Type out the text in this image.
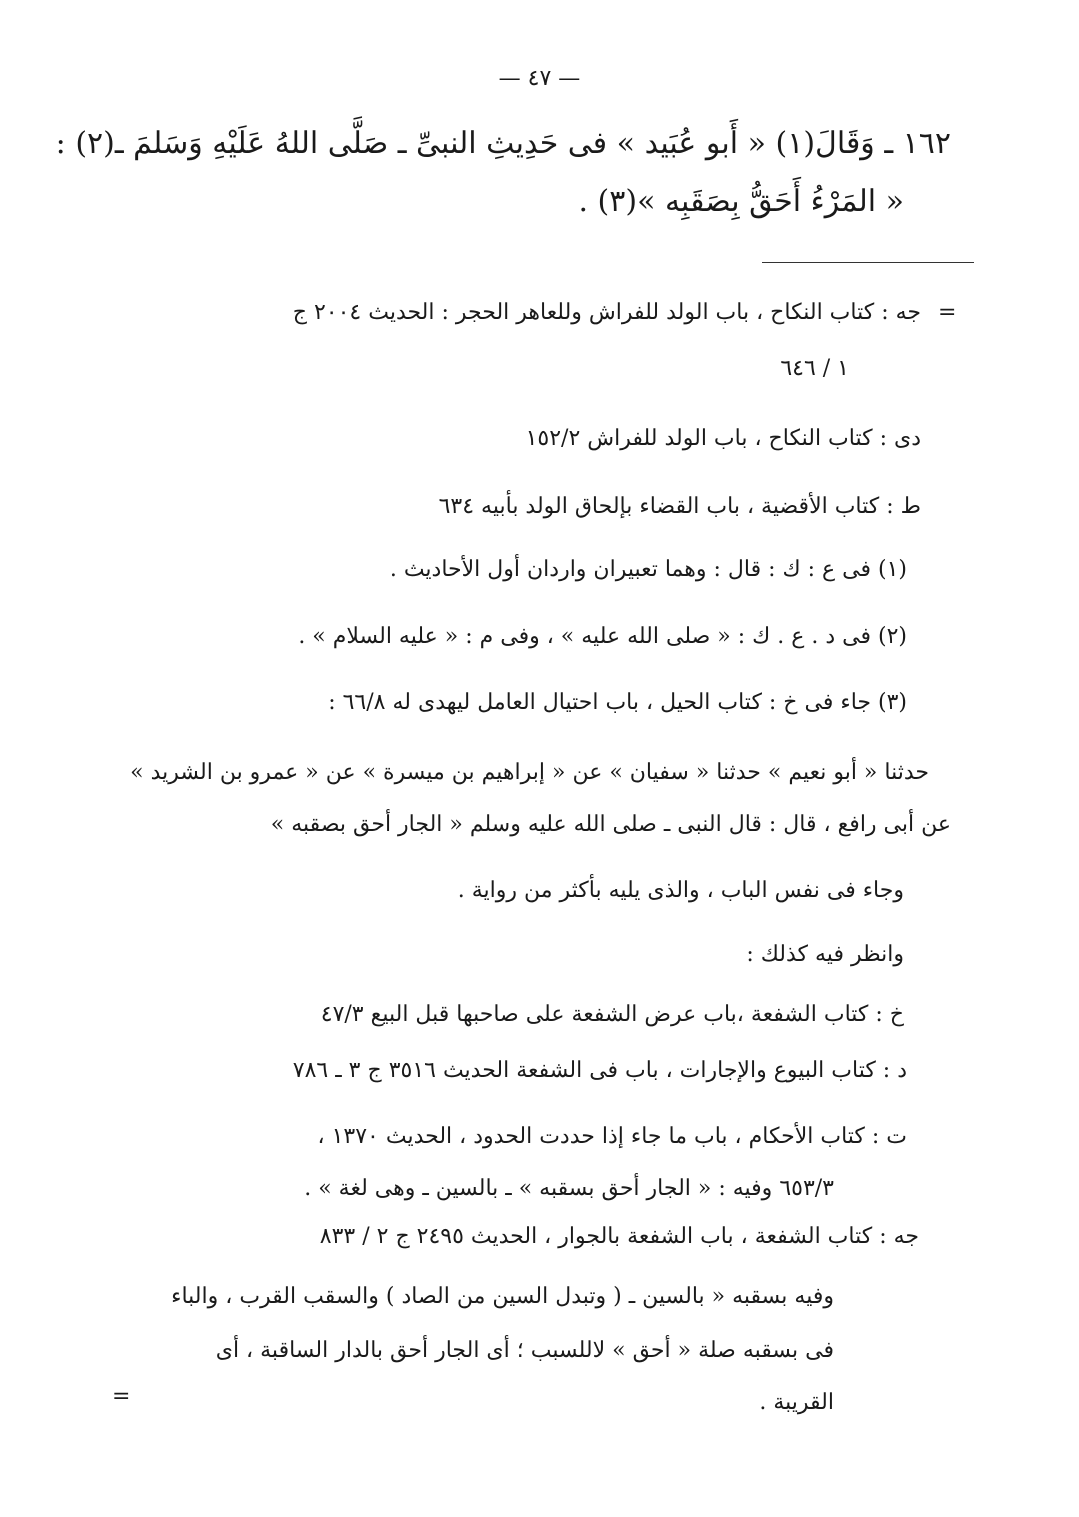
— ٤٧ —
١٦٢ ـ وَقَالَ(١) « أَبو عُبَيد » فى حَدِيثِ النبىِّ ـ صَلَّى اللهُ عَلَيْهِ وَسَلمَ ـ(٢) :
« المَرْءُ أَحَقُّ بِصَقَبِه »(٣) .
=
جه : كتاب النكاح ، باب الولد للفراش وللعاهر الحجر : الحديث ٢٠٠٤ ج
١ / ٦٤٦
دى : كتاب النكاح ، باب الولد للفراش ١٥٢/٢
ط : كتاب الأقضية ، باب القضاء بإلحاق الولد بأبيه ٦٣٤
(١) فى ع : ك : قال : وهما تعبيران واردان أول الأحاديث .
(٢) فى د . ع . ك : « صلى الله عليه » ، وفى م : « عليه السلام » .
(٣) جاء فى خ : كتاب الحيل ، باب احتيال العامل ليهدى له ٦٦/٨ :
حدثنا « أبو نعيم » حدثنا « سفيان » عن « إبراهيم بن ميسرة » عن « عمرو بن الشريد »
عن أبى رافع ، قال : قال النبى ـ صلى الله عليه وسلم « الجار أحق بصقبه »
وجاء فى نفس الباب ، والذى يليه بأكثر من رواية .
وانظر فيه كذلك :
خ : كتاب الشفعة ،باب عرض الشفعة على صاحبها قبل البيع ٤٧/٣
د : كتاب البيوع والإجارات ، باب فى الشفعة الحديث ٣٥١٦ ج ٣ ـ ٧٨٦
ت : كتاب الأحكام ، باب ما جاء إذا حددت الحدود ، الحديث ١٣٧٠ ،
٦٥٣/٣ وفيه : « الجار أحق بسقبه » ـ بالسين ـ وهى لغة » .
جه : كتاب الشفعة ، باب الشفعة بالجوار ، الحديث ٢٤٩٥ ج ٢ / ٨٣٣
وفيه بسقبه « بالسين ـ ( وتبدل السين من الصاد ) والسقب القرب ، والباء
فى بسقبه صلة « أحق » لاللسبب ؛ أى الجار أحق بالدار الساقبة ، أى
القريبة .
=
